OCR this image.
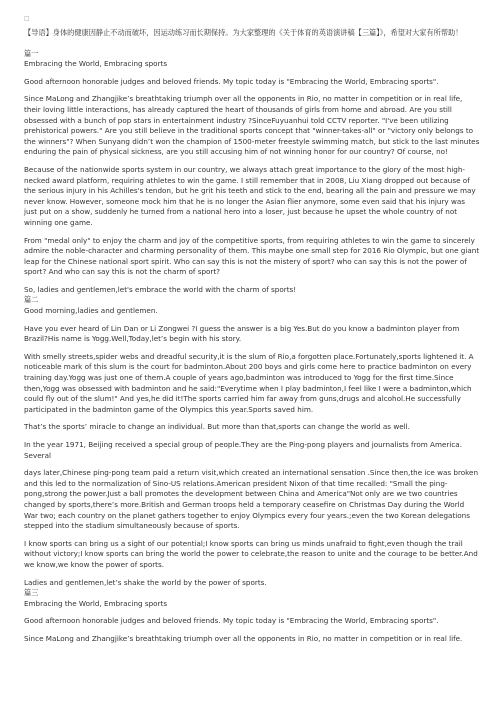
□

【导语】身体的健康因静止不动而破坏，因运动练习而长期保持。为大家整理的《关于体育的英语演讲稿【三篇】》，希望对大家有所帮助！

篇一

Embracing the World, Embracing sports

Good afternoon honorable judges and beloved friends. My topic today is "Embracing the World, Embracing sports".

Since MaLong and Zhangjike’s breathtaking triumph over all the opponents in Rio, no matter in competition or in real life, their loving little interactions, has already captured the heart of thousands of girls from home and abroad. Are you still obsessed with a bunch of pop stars in entertainment industry ?SinceFuyuanhui told CCTV reporter. "I've been utilizing prehistorical powers." Are you still believe in the traditional sports concept that "winner-takes-all" or "victory only belongs to the winners"? When Sunyang didn’t won the champion of 1500-meter freestyle swimming match, but stick to the last minutes enduring the pain of physical sickness, are you still accusing him of not winning honor for our country? Of course, no!

Because of the nationwide sports system in our country, we always attach great importance to the glory of the most high-necked award platform, requiring athletes to win the game. I still remember that in 2008, Liu Xiang dropped out because of the serious injury in his Achilles's tendon, but he grit his teeth and stick to the end, bearing all the pain and pressure we may never know. However, someone mock him that he is no longer the Asian flier anymore, some even said that his injury was just put on a show, suddenly he turned from a national hero into a loser, just because he upset the whole country of not winning one game.

From "medal only" to enjoy the charm and joy of the competitive sports, from requiring athletes to win the game to sincerely admire the noble-character and charming personality of them. This maybe one small step for 2016 Rio Olympic, but one giant leap for the Chinese national sport spirit. Who can say this is not the mistery of sport? who can say this is not the power of sport? And who can say this is not the charm of sport?

So, ladies and gentlemen,let's embrace the world with the charm of sports!

篇二

Good morning,ladies and gentlemen.

Have you ever heard of Lin Dan or Li Zongwei ?I guess the answer is a big Yes.But do you know a badminton player from Brazil?His name is Yogg.Well,Today,let’s begin with his story.

With smelly streets,spider webs and dreadful security,it is the slum of Rio,a forgotten place.Fortunately,sports lightened it. A noticeable mark of this slum is the court for badminton.About 200 boys and girls come here to practice badminton on every training day.Yogg was just one of them.A couple of years ago,badminton was introduced to Yogg for the first time.Since then,Yogg was obsessed with badminton and he said:"Everytime when I play badminton,I feel like I were a badminton,which could fly out of the slum!" And yes,he did it!The sports carried him far away from guns,drugs and alcohol.He successfully participated in the badminton game of the Olympics this year.Sports saved him.

That’s the sports’ miracle to change an individual. But more than that,sports can change the world as well.

In the year 1971, Beijing received a special group of people.They are the Ping-pong players and journalists from America. Several

days later,Chinese ping-pong team paid a return visit,which created an international sensation .Since then,the ice was broken and this led to the normalization of Sino-US relations.American president Nixon of that time recalled: "Small the ping-pong,strong the power.Just a ball promotes the development between China and America"Not only are we two countries changed by sports,there’s more.British and German troops held a temporary ceasefire on Christmas Day during the World War two; each country on the planet gathers together to enjoy Olympics every four years.;even the two Korean delegations stepped into the stadium simultaneously because of sports.

I know sports can bring us a sight of our potential;I know sports can bring us minds unafraid to fight,even though the trail without victory;I know sports can bring the world the power to celebrate,the reason to unite and the courage to be better.And we know,we know the power of sports.

Ladies and gentlemen,let’s shake the world by the power of sports.

篇三

Embracing the World, Embracing sports

Good afternoon honorable judges and beloved friends. My topic today is "Embracing the World, Embracing sports".

Since MaLong and Zhangjike’s breathtaking triumph over all the opponents in Rio, no matter in competition or in real life.
